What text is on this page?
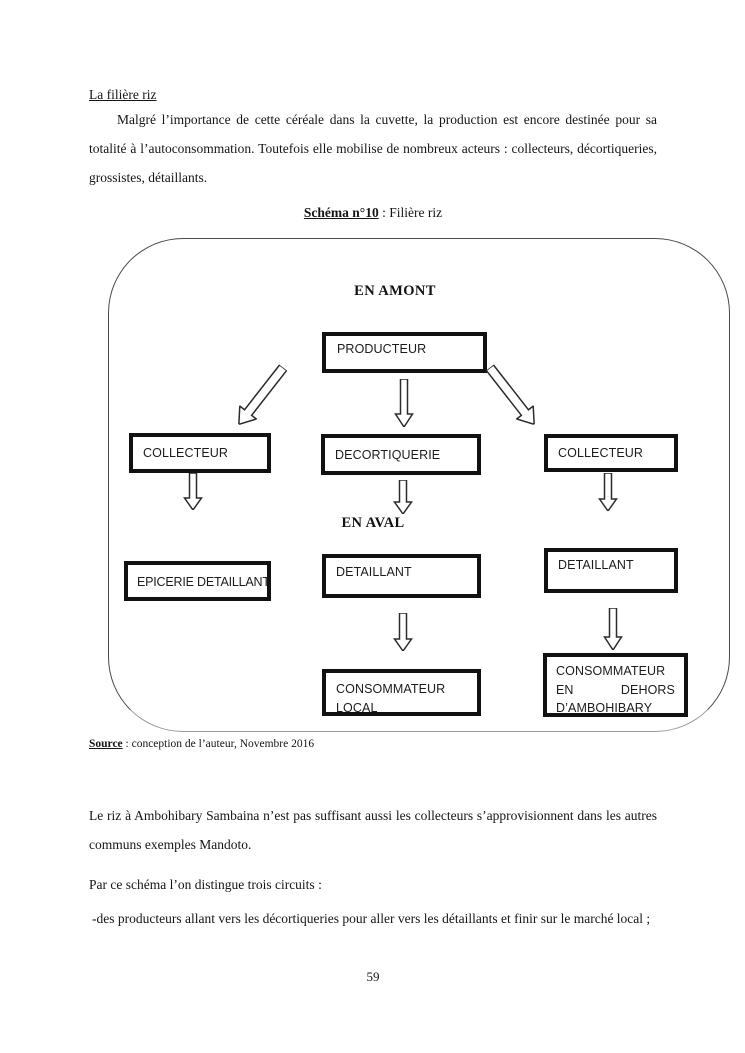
La filière riz
Malgré l’importance de cette céréale dans la cuvette, la production est encore destinée pour sa totalité à l’autoconsommation. Toutefois elle mobilise de nombreux acteurs : collecteurs, décortiqueries, grossistes, détaillants.
Schéma n°10 : Filière riz
EN AMONT
PRODUCTEUR
COLLECTEUR	DECORTIQUERIE	COLLECTEUR
EN AVAL
EPICERIE DETAILLANT
DETAILLANT	DETAILLANT
CONSOMMATEUR
LOCAL
CONSOMMATEUR
EN	DEHORS
D’AMBOHIBARY
Source : conception de l’auteur, Novembre 2016
Le riz à Ambohibary Sambaina n’est pas suffisant aussi les collecteurs s’approvisionnent dans les autres communs exemples Mandoto.
Par ce schéma l’on distingue trois circuits :
-des producteurs allant vers les décortiqueries pour aller vers les détaillants et finir sur le marché local ;
59
